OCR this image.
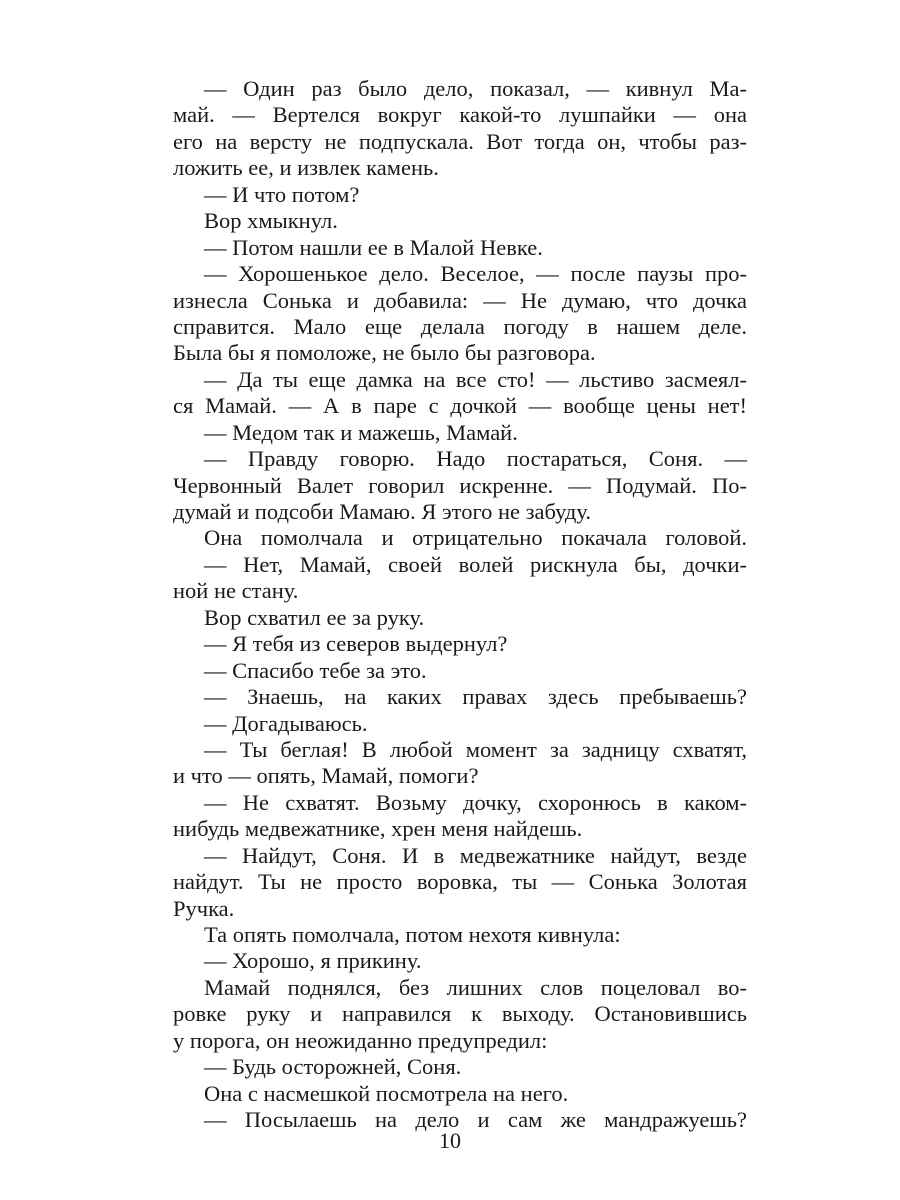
— Один раз было дело, показал, — кивнул Ма-
май. — Вертелся вокруг какой-то лушпайки — она
его на версту не подпускала. Вот тогда он, чтобы раз-
ложить ее, и извлек камень.
— И что потом?
Вор хмыкнул.
— Потом нашли ее в Малой Невке.
— Хорошенькое дело. Веселое, — после паузы про-
изнесла Сонька и добавила: — Не думаю, что дочка
справится. Мало еще делала погоду в нашем деле.
Была бы я помоложе, не было бы разговора.
— Да ты еще дамка на все сто! — льстиво засмеял-
ся Мамай. — А в паре с дочкой — вообще цены нет!
— Медом так и мажешь, Мамай.
— Правду говорю. Надо постараться, Соня. —
Червонный Валет говорил искренне. — Подумай. По-
думай и подсоби Мамаю. Я этого не забуду.
Она помолчала и отрицательно покачала головой.
— Нет, Мамай, своей волей рискнула бы, дочки-
ной не стану.
Вор схватил ее за руку.
— Я тебя из северов выдернул?
— Спасибо тебе за это.
— Знаешь, на каких правах здесь пребываешь?
— Догадываюсь.
— Ты беглая! В любой момент за задницу схватят,
и что — опять, Мамай, помоги?
— Не схватят. Возьму дочку, схоронюсь в каком-
нибудь медвежатнике, хрен меня найдешь.
— Найдут, Соня. И в медвежатнике найдут, везде
найдут. Ты не просто воровка, ты — Сонька Золотая
Ручка.
Та опять помолчала, потом нехотя кивнула:
— Хорошо, я прикину.
Мамай поднялся, без лишних слов поцеловал во-
ровке руку и направился к выходу. Остановившись
у порога, он неожиданно предупредил:
— Будь осторожней, Соня.
Она с насмешкой посмотрела на него.
— Посылаешь на дело и сам же мандражуешь?
10
